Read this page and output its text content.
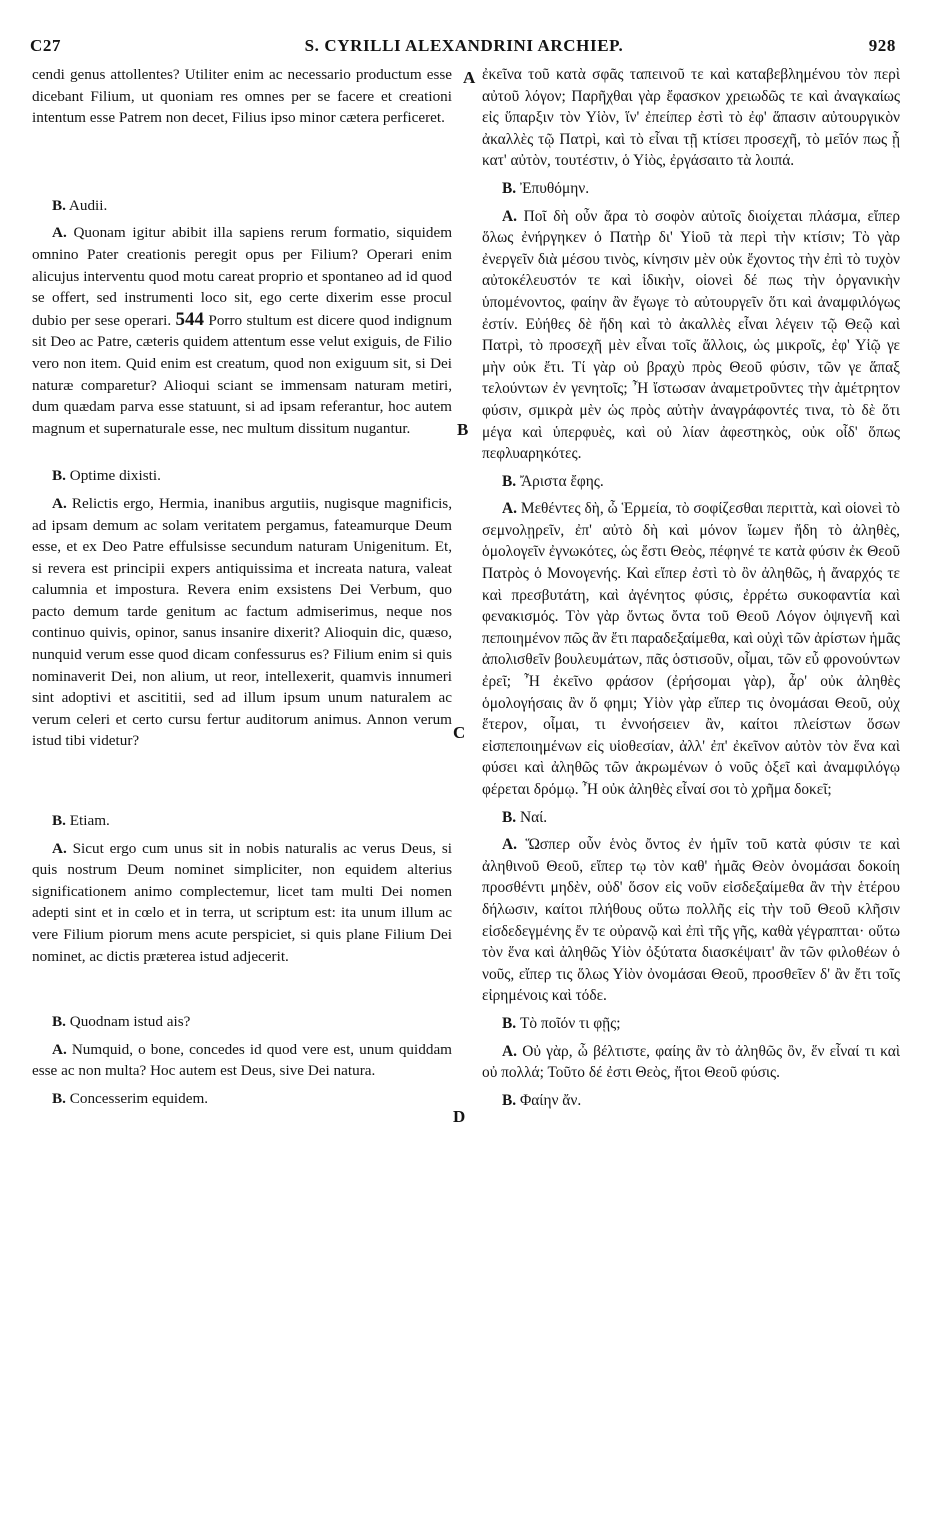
C27	S. CYRILLI ALEXANDRINI ARCHIEP.	928
A
B
C
D

cendi genus attollentes? Utiliter enim ac necessario productum esse dicebant Filium, ut quoniam res omnes per se facere et creationi intentum esse Patrem non decet, Filius ipso minor cætera perficeret.

B. Audii.

A. Quonam igitur abibit illa sapiens rerum formatio, siquidem omnino Pater creationis peregit opus per Filium? Operari enim alicujus interventu quod motu careat proprio et spontaneo ad id quod se offert, sed instrumenti loco sit, ego certe dixerim esse procul dubio per sese operari. 544 Porro stultum est dicere quod indignum sit Deo ac Patre, cæteris quidem attentum esse velut exiguis, de Filio vero non item. Quid enim est creatum, quod non exiguum sit, si Dei naturæ comparetur? Alioqui sciant se immensam naturam metiri, dum quædam parva esse statuunt, si ad ipsam referantur, hoc autem magnum et supernaturale esse, nec multum dissitum nugantur.

B. Optime dixisti.

A. Relictis ergo, Hermia, inanibus argutiis, nugisque magnificis, ad ipsam demum ac solam veritatem pergamus, fateamurque Deum esse, et ex Deo Patre effulsisse secundum naturam Unigenitum. Et, si revera est principii expers antiquissima et increata natura, valeat calumnia et impostura. Revera enim exsistens Dei Verbum, quo pacto demum tarde genitum ac factum admiserimus, neque nos continuo quivis, opinor, sanus insanire dixerit? Alioquin dic, quæso, nunquid verum esse quod dicam confessurus es? Filium enim si quis nominaverit Dei, non alium, ut reor, intellexerit, quamvis innumeri sint adoptivi et ascititii, sed ad illum ipsum unum naturalem ac verum celeri et certo cursu fertur auditorum animus. Annon verum istud tibi videtur?

B. Etiam.

A. Sicut ergo cum unus sit in nobis naturalis ac verus Deus, si quis nostrum Deum nominet simpliciter, non equidem alterius significationem animo complectemur, licet tam multi Dei nomen adepti sint et in cœlo et in terra, ut scriptum est: ita unum illum ac vere Filium piorum mens acute perspiciet, si quis plane Filium Dei nominet, ac dictis præterea istud adjecerit.

B. Quodnam istud ais?

A. Numquid, o bone, concedes id quod vere est, unum quiddam esse ac non multa? Hoc autem est Deus, sive Dei natura.

B. Concesserim equidem.

ἐκεῖνα τοῦ κατὰ σφᾶς ταπεινοῦ τε καὶ καταβεβλημένου τὸν περὶ αὐτοῦ λόγον; Παρῆχθαι γὰρ ἔφασκον χρειωδῶς τε καὶ ἀναγκαίως εἰς ὕπαρξιν τὸν Υἱὸν, ἵν' ἐπείπερ ἐστὶ τὸ ἐφ' ἅπασιν αὐτουργικὸν ἀκαλλὲς τῷ Πατρὶ, καὶ τὸ εἶναι τῇ κτίσει προσεχῆ, τὸ μεῖόν πως ᾗ κατ' αὐτὸν, τουτέστιν, ὁ Υἱὸς, ἐργάσαιτο τὰ λοιπά.

B. Ἐπυθόμην.

A. Ποῖ δὴ οὖν ἄρα τὸ σοφὸν αὐτοῖς διοίχεται πλάσμα, εἴπερ ὅλως ἐνήργηκεν ὁ Πατὴρ δι' Υἱοῦ τὰ περὶ τὴν κτίσιν; Τὸ γὰρ ἐνεργεῖν διὰ μέσου τινὸς, κίνησιν μὲν οὐκ ἔχοντος τὴν ἐπὶ τὸ τυχὸν αὐτοκέλευστόν τε καὶ ἰδικὴν, οἱονεὶ δέ πως τὴν ὀργανικὴν ὑπομένοντος, φαίην ἂν ἔγωγε τὸ αὐτουργεῖν ὅτι καὶ ἀναμφιλόγως ἐστίν. Εὐήθες δὲ ἤδη καὶ τὸ ἀκαλλὲς εἶναι λέγειν τῷ Θεῷ καὶ Πατρὶ, τὸ προσεχῆ μὲν εἶναι τοῖς ἄλλοις, ὡς μικροῖς, ἐφ' Υἱῷ γε μὴν οὐκ ἔτι. Τί γὰρ οὐ βραχὺ πρὸς Θεοῦ φύσιν, τῶν γε ἅπαξ τελούντων ἐν γενητοῖς; Ἦ ἴστωσαν ἀναμετροῦντες τὴν ἀμέτρητον φύσιν, σμικρὰ μὲν ὡς πρὸς αὐτὴν ἀναγράφοντές τινα, τὸ δὲ ὅτι μέγα καὶ ὑπερφυὲς, καὶ οὐ λίαν ἀφεστηκὸς, οὐκ οἶδ' ὅπως πεφλυαρηκότες.

B. Ἄριστα ἔφης.

A. Μεθέντες δὴ, ὦ Ἑρμεία, τὸ σοφίζεσθαι περιττὰ, καὶ οἱονεὶ τὸ σεμνολῃρεῖν, ἐπ' αὐτὸ δὴ καὶ μόνον ἴωμεν ἤδη τὸ ἀληθὲς, ὁμολογεῖν ἐγνωκότες, ὡς ἔστι Θεὸς, πέφηνέ τε κατὰ φύσιν ἐκ Θεοῦ Πατρὸς ὁ Μονογενής. Καὶ εἴπερ ἐστὶ τὸ ὂν ἀληθῶς, ἡ ἄναρχός τε καὶ πρεσβυτάτη, καὶ ἀγένητος φύσις, ἐρρέτω συκοφαντία καὶ φενακισμός. Τὸν γὰρ ὄντως ὄντα τοῦ Θεοῦ Λόγον ὀψιγενῆ καὶ πεποιημένον πῶς ἂν ἔτι παραδεξαίμεθα, καὶ οὐχὶ τῶν ἀρίστων ἡμᾶς ἀπολισθεῖν βουλευμάτων, πᾶς ὁστισοῦν, οἶμαι, τῶν εὖ φρονούντων ἐρεῖ; Ἦ ἐκεῖνο φράσον (ἐρήσομαι γὰρ), ἆρ' οὐκ ἀληθὲς ὁμολογήσαις ἂν ὅ φημι; Υἱὸν γὰρ εἴπερ τις ὀνομάσαι Θεοῦ, οὐχ ἕτερον, οἶμαι, τι ἐννοήσειεν ἂν, καίτοι πλείστων ὅσων εἰσπεποιημένων εἰς υἱοθεσίαν, ἀλλ' ἐπ' ἐκεῖνον αὐτὸν τὸν ἕνα καὶ φύσει καὶ ἀληθῶς τῶν ἀκρωμένων ὁ νοῦς ὀξεῖ καὶ ἀναμφιλόγῳ φέρεται δρόμῳ. Ἦ οὐκ ἀληθὲς εἶναί σοι τὸ χρῆμα δοκεῖ;

B. Ναί.

A. Ὥσπερ οὖν ἑνὸς ὄντος ἐν ἡμῖν τοῦ κατὰ φύσιν τε καὶ ἀληθινοῦ Θεοῦ, εἴπερ τῳ τὸν καθ' ἡμᾶς Θεὸν ὀνομάσαι δοκοίη προσθέντι μηδὲν, οὐδ' ὅσον εἰς νοῦν εἰσδεξαίμεθα ἂν τὴν ἑτέρου δήλωσιν, καίτοι πλήθους οὕτω πολλῆς εἰς τὴν τοῦ Θεοῦ κλῆσιν εἰσδεδεγμένης ἔν τε οὐρανῷ καὶ ἐπὶ τῆς γῆς, καθὰ γέγραπται· οὕτω τὸν ἕνα καὶ ἀληθῶς Υἱὸν ὀξύτατα διασκέψαιτ' ἂν τῶν φιλοθέων ὁ νοῦς, εἴπερ τις ὅλως Υἱὸν ὀνομάσαι Θεοῦ, προσθεῖεν δ' ἂν ἔτι τοῖς εἰρημένοις καὶ τόδε.

B. Τὸ ποῖόν τι φῇς;

A. Οὐ γὰρ, ὦ βέλτιστε, φαίης ἂν τὸ ἀληθῶς ὂν, ἕν εἶναί τι καὶ οὐ πολλά; Τοῦτο δέ ἐστι Θεὸς, ἤτοι Θεοῦ φύσις.

B. Φαίην ἄν.
